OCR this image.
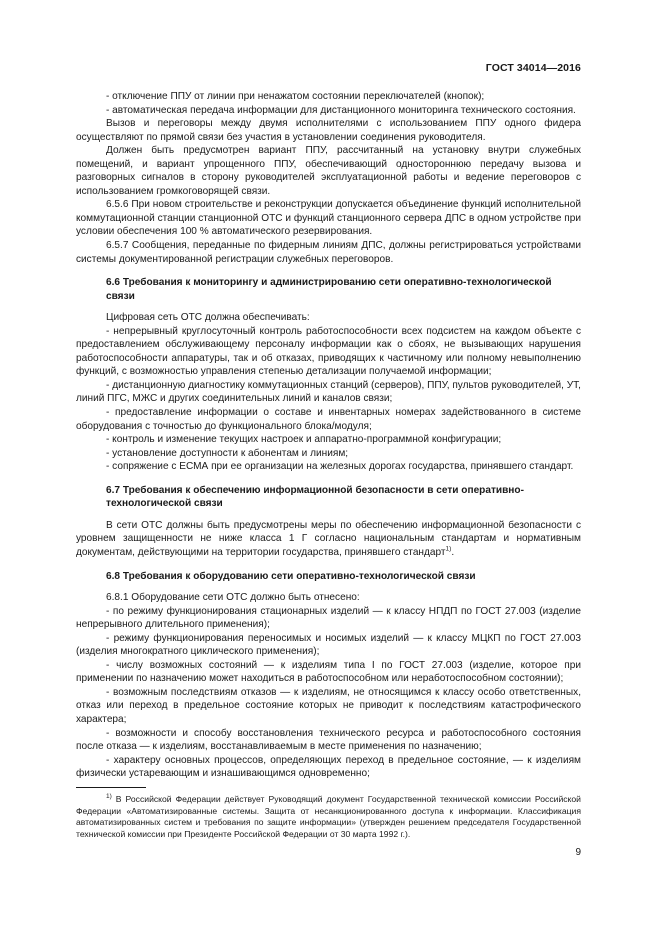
ГОСТ 34014—2016

- отключение ППУ от линии при ненажатом состоянии переключателей (кнопок);

- автоматическая передача информации для дистанционного мониторинга технического состояния.

Вызов и переговоры между двумя исполнителями с использованием ППУ одного фидера осуществляют по прямой связи без участия в установлении соединения руководителя.

Должен быть предусмотрен вариант ППУ, рассчитанный на установку внутри служебных помещений, и вариант упрощенного ППУ, обеспечивающий одностороннюю передачу вызова и разговорных сигналов в сторону руководителей эксплуатационной работы и ведение переговоров с использованием громкоговорящей связи.

6.5.6 При новом строительстве и реконструкции допускается объединение функций исполнительной коммутационной станции станционной ОТС и функций станционного сервера ДПС в одном устройстве при условии обеспечения 100 % автоматического резервирования.

6.5.7 Сообщения, переданные по фидерным линиям ДПС, должны регистрироваться устройствами системы документированной регистрации служебных переговоров.

6.6 Требования к мониторингу и администрированию сети оперативно-технологической связи

Цифровая сеть ОТС должна обеспечивать:

- непрерывный круглосуточный контроль работоспособности всех подсистем на каждом объекте с предоставлением обслуживающему персоналу информации как о сбоях, не вызывающих нарушения работоспособности аппаратуры, так и об отказах, приводящих к частичному или полному невыполнению функций, с возможностью управления степенью детализации получаемой информации;

- дистанционную диагностику коммутационных станций (серверов), ППУ, пультов руководителей, УТ, линий ПГС, МЖС и других соединительных линий и каналов связи;

- предоставление информации о составе и инвентарных номерах задействованного в системе оборудования с точностью до функционального блока/модуля;

- контроль и изменение текущих настроек и аппаратно-программной конфигурации;

- установление доступности к абонентам и линиям;

- сопряжение с ЕСМА при ее организации на железных дорогах государства, принявшего стандарт.

6.7 Требования к обеспечению информационной безопасности в сети оперативно-технологической связи

В сети ОТС должны быть предусмотрены меры по обеспечению информационной безопасности с уровнем защищенности не ниже класса 1 Г согласно национальным стандартам и нормативным документам, действующими на территории государства, принявшего стандарт$^{1)}$.

6.8 Требования к оборудованию сети оперативно-технологической связи

6.8.1 Оборудование сети ОТС должно быть отнесено:

- по режиму функционирования стационарных изделий — к классу НПДП по ГОСТ 27.003 (изделие непрерывного длительного применения);

- режиму функционирования переносимых и носимых изделий — к классу МЦКП по ГОСТ 27.003 (изделия многократного циклического применения);

- числу возможных состояний — к изделиям типа I по ГОСТ 27.003 (изделие, которое при применении по назначению может находиться в работоспособном или неработоспособном состоянии);

- возможным последствиям отказов — к изделиям, не относящимся к классу особо ответственных, отказ или переход в предельное состояние которых не приводит к последствиям катастрофического характера;

- возможности и способу восстановления технического ресурса и работоспособного состояния после отказа — к изделиям, восстанавливаемым в месте применения по назначению;

- характеру основных процессов, определяющих переход в предельное состояние, — к изделиям физически устаревающим и изнашивающимся одновременно;

$^{1)}$ В Российской Федерации действует Руководящий документ Государственной технической комиссии Российской Федерации «Автоматизированные системы. Защита от несанкционированного доступа к информации. Классификация автоматизированных систем и требования по защите информации» (утвержден решением председателя Государственной технической комиссии при Президенте Российской Федерации от 30 марта 1992 г.).

9
